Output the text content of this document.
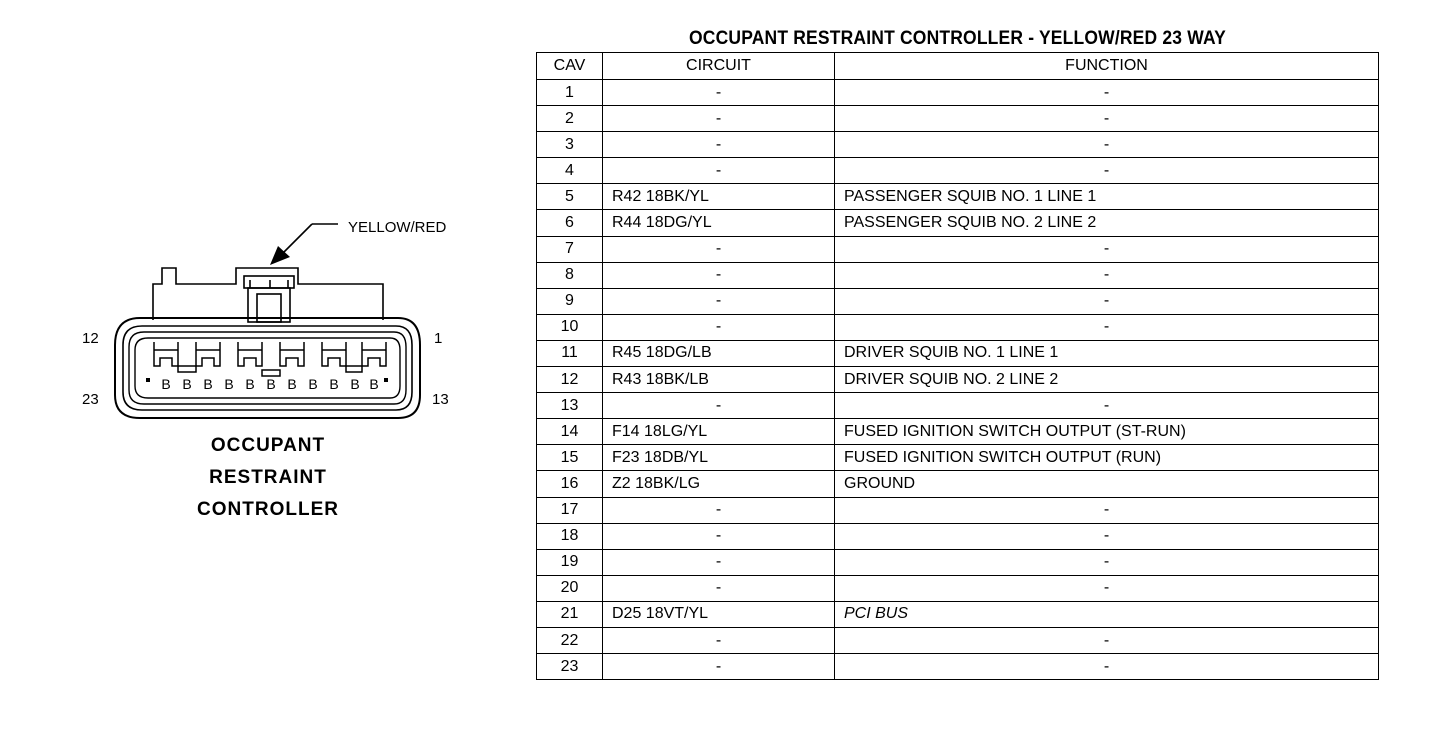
YELLOW/RED
B B B B B B B B B B B
12	1
23	13
OCCUPANT
RESTRAINT
CONTROLLER
OCCUPANT RESTRAINT CONTROLLER - YELLOW/RED 23 WAY
CAV	CIRCUIT	FUNCTION
1	-	-
2	-	-
3	-	-
4	-	-
5	R42 18BK/YL	PASSENGER SQUIB NO. 1 LINE 1
6	R44 18DG/YL	PASSENGER SQUIB NO. 2 LINE 2
7	-	-
8	-	-
9	-	-
10	-	-
11	R45 18DG/LB	DRIVER SQUIB NO. 1 LINE 1
12	R43 18BK/LB	DRIVER SQUIB NO. 2 LINE 2
13	-	-
14	F14 18LG/YL	FUSED IGNITION SWITCH OUTPUT (ST-RUN)
15	F23 18DB/YL	FUSED IGNITION SWITCH OUTPUT (RUN)
16	Z2 18BK/LG	GROUND
17	-	-
18	-	-
19	-	-
20	-	-
21	D25 18VT/YL	PCI BUS
22	-	-
23	-	-
